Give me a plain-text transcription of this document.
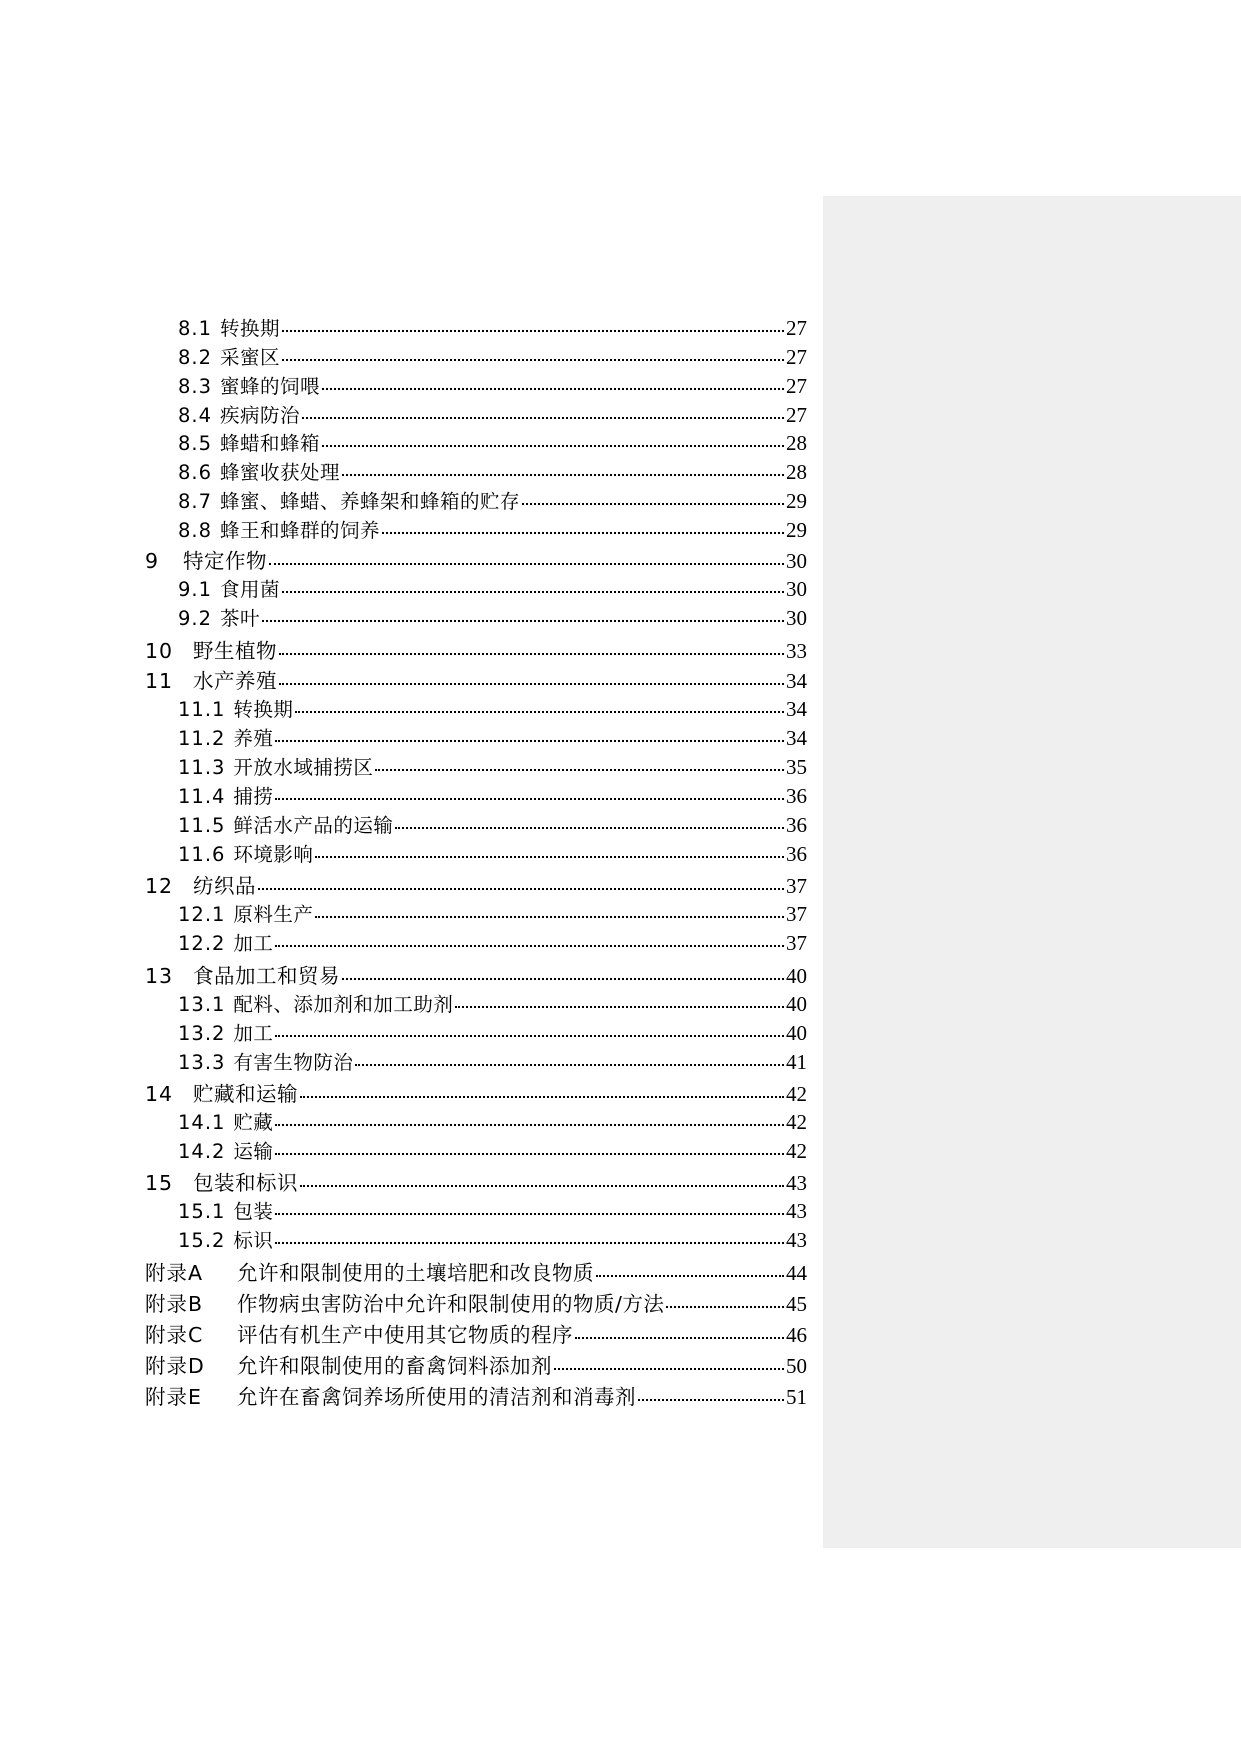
8.1 转换期	27
8.2 采蜜区	27
8.3 蜜蜂的饲喂	27
8.4 疾病防治	27
8.5 蜂蜡和蜂箱	28
8.6 蜂蜜收获处理	28
8.7 蜂蜜、蜂蜡、养蜂架和蜂箱的贮存	29
8.8 蜂王和蜂群的饲养	29
9	特定作物	30
9.1 食用菌	30
9.2 茶叶	30
10 野生植物	33
11 水产养殖	34
11.1 转换期	34
11.2 养殖	34
11.3 开放水域捕捞区	35
11.4 捕捞	36
11.5 鲜活水产品的运输	36
11.6 环境影响	36
12 纺织品	37
12.1 原料生产	37
12.2 加工	37
13 食品加工和贸易	40
13.1 配料、添加剂和加工助剂	40
13.2 加工	40
13.3 有害生物防治	41
14 贮藏和运输	42
14.1 贮藏	42
14.2 运输	42
15 包装和标识	43
15.1 包装	43
15.2 标识	43
附录A	允许和限制使用的土壤培肥和改良物质	44
附录B	作物病虫害防治中允许和限制使用的物质/方法	45
附录C	评估有机生产中使用其它物质的程序	46
附录D	允许和限制使用的畜禽饲料添加剂	50
附录E	允许在畜禽饲养场所使用的清洁剂和消毒剂	51
